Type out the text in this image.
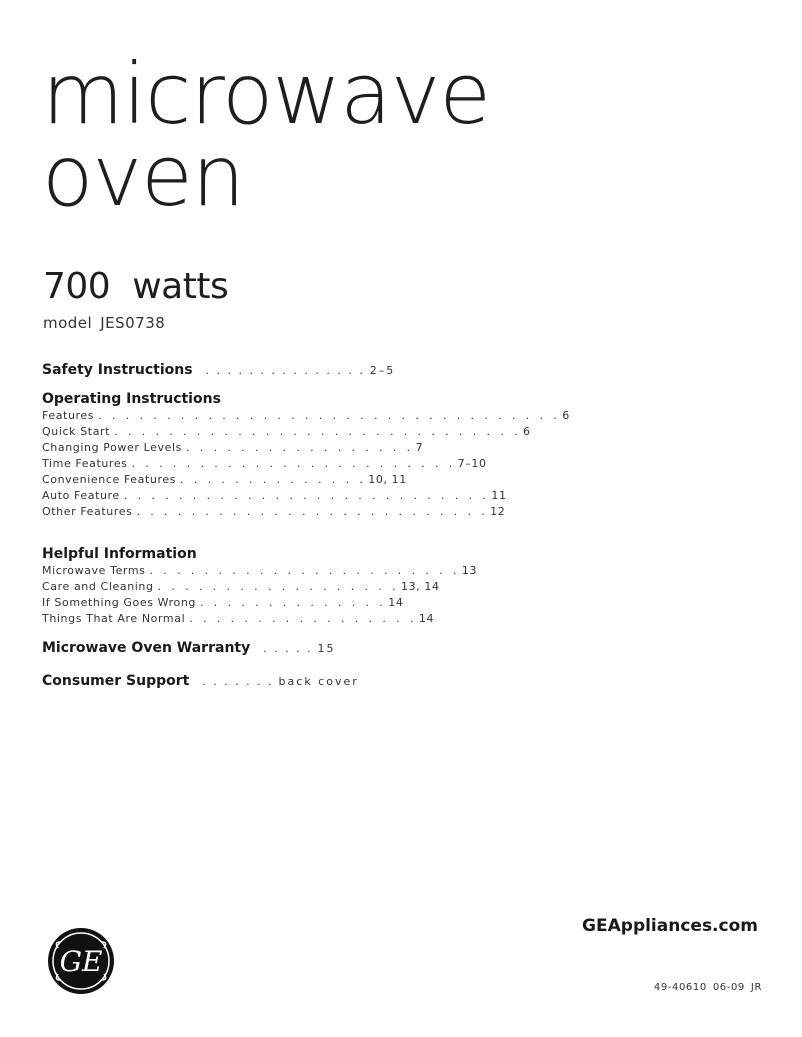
microwave
oven
700 watts
model JES0738
Safety Instructions . . . . . . . . . . . . . . . 2–5
Operating Instructions
Features . . . . . . . . . . . . . . . . . . . . . . . . . . . . . . . . . . 6
Quick Start . . . . . . . . . . . . . . . . . . . . . . . . . . . . . . 6
Changing Power Levels . . . . . . . . . . . . . . . . . 7
Time Features . . . . . . . . . . . . . . . . . . . . . . . . 7–10
Convenience Features . . . . . . . . . . . . . . 10, 11
Auto Feature . . . . . . . . . . . . . . . . . . . . . . . . . . . 11
Other Features . . . . . . . . . . . . . . . . . . . . . . . . . . 12
Helpful Information
Microwave Terms . . . . . . . . . . . . . . . . . . . . . . . 13
Care and Cleaning . . . . . . . . . . . . . . . . . . 13, 14
If Something Goes Wrong . . . . . . . . . . . . . . 14
Things That Are Normal . . . . . . . . . . . . . . . . . 14
Microwave Oven Warranty . . . . . 15
Consumer Support . . . . . . . back cover
GEAppliances.com
49-40610 06-09 JR
GE
